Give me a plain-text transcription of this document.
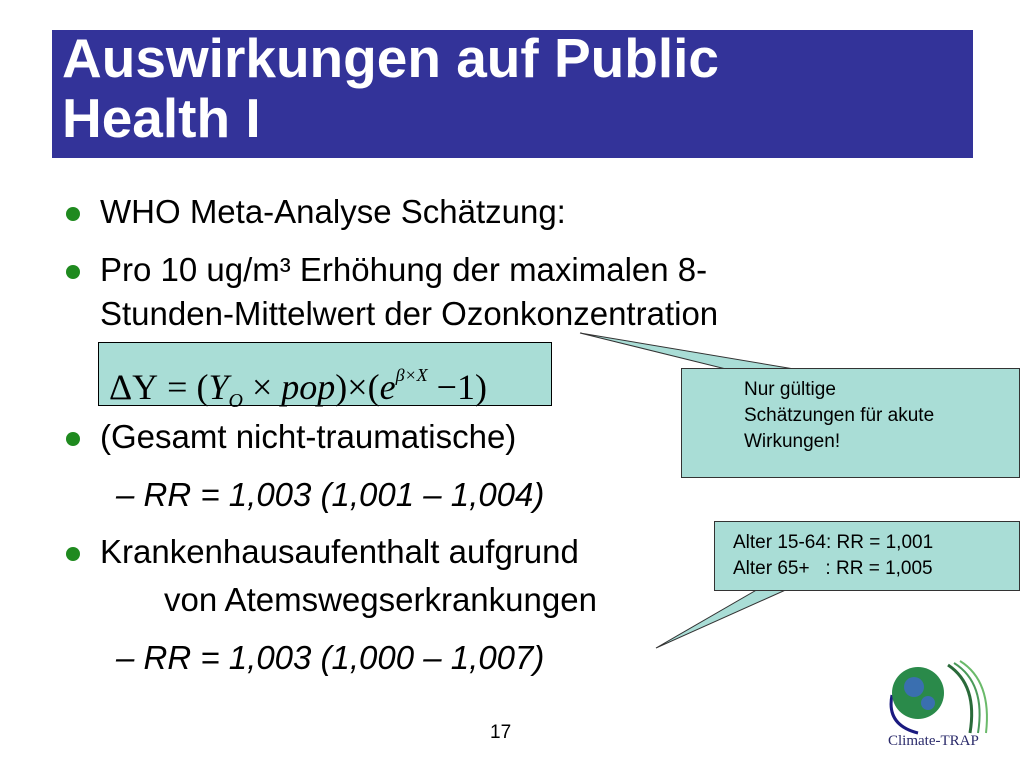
Auswirkungen auf Public
Health I
WHO Meta-Analyse Schätzung:
Pro 10 ug/m³ Erhöhung der maximalen 8-
Stunden-Mittelwert der Ozonkonzentration
$\Delta Y = (Y_O \times pop)\times(e^{\beta\times X} -1)$
(Gesamt nicht-traumatische)
– RR = 1,003 (1,001 – 1,004)
Krankenhausaufenthalt aufgrund
von Atemswegserkrankungen
– RR = 1,003 (1,000 – 1,007)
Nur gültige
Schätzungen für akute
Wirkungen!
Alter 15-64: RR = 1,001
Alter 65+   : RR = 1,005
17	Climate-TRAP
